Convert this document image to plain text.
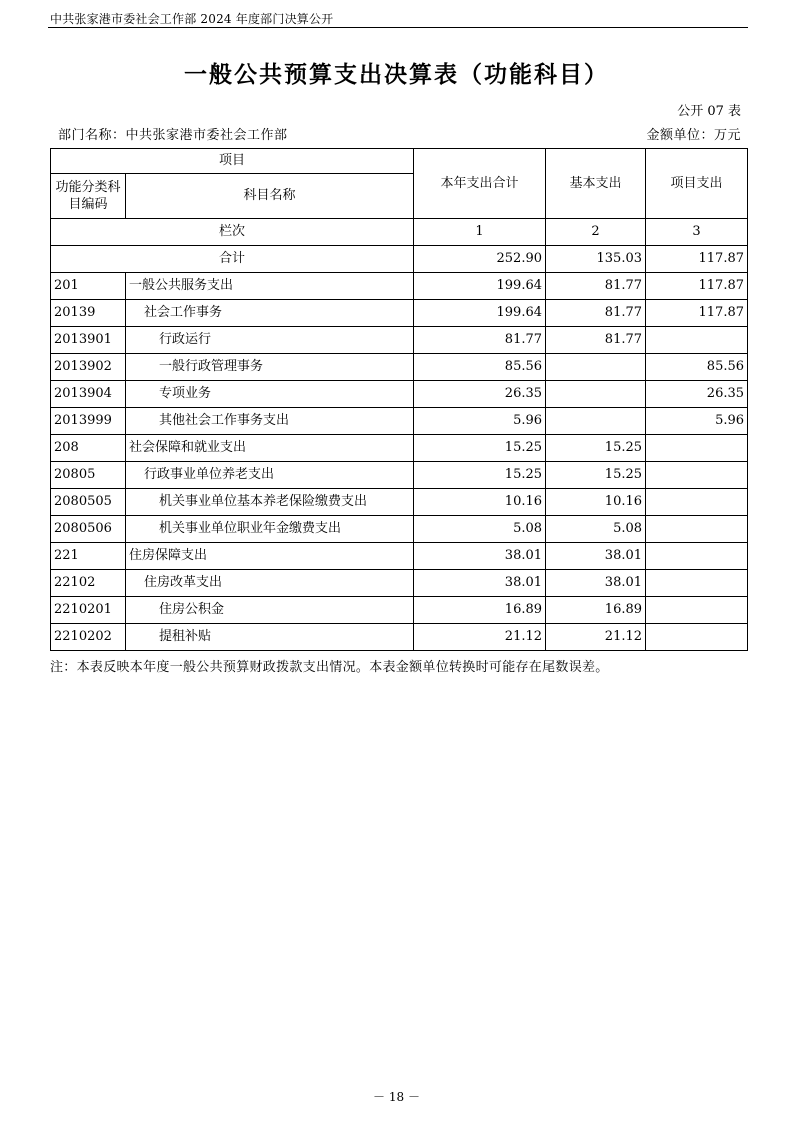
中共张家港市委社会工作部 2024 年度部门决算公开
一般公共预算支出决算表（功能科目）
公开 07 表
部门名称：中共张家港市委社会工作部	金额单位：万元
项目		本年支出合计	基本支出	项目支出
功能分类科目编码	科目名称			
栏次		1	2	3
合计		252.90	135.03	117.87
201	一般公共服务支出	199.64	81.77	117.87
20139	社会工作事务	199.64	81.77	117.87
2013901	行政运行	81.77	81.77	
2013902	一般行政管理事务	85.56		85.56
2013904	专项业务	26.35		26.35
2013999	其他社会工作事务支出	5.96		5.96
208	社会保障和就业支出	15.25	15.25	
20805	行政事业单位养老支出	15.25	15.25	
2080505	机关事业单位基本养老保险缴费支出	10.16	10.16	
2080506	机关事业单位职业年金缴费支出	5.08	5.08	
221	住房保障支出	38.01	38.01	
22102	住房改革支出	38.01	38.01	
2210201	住房公积金	16.89	16.89	
2210202	提租补贴	21.12	21.12	
注：本表反映本年度一般公共预算财政拨款支出情况。本表金额单位转换时可能存在尾数误差。
－ 18 －
